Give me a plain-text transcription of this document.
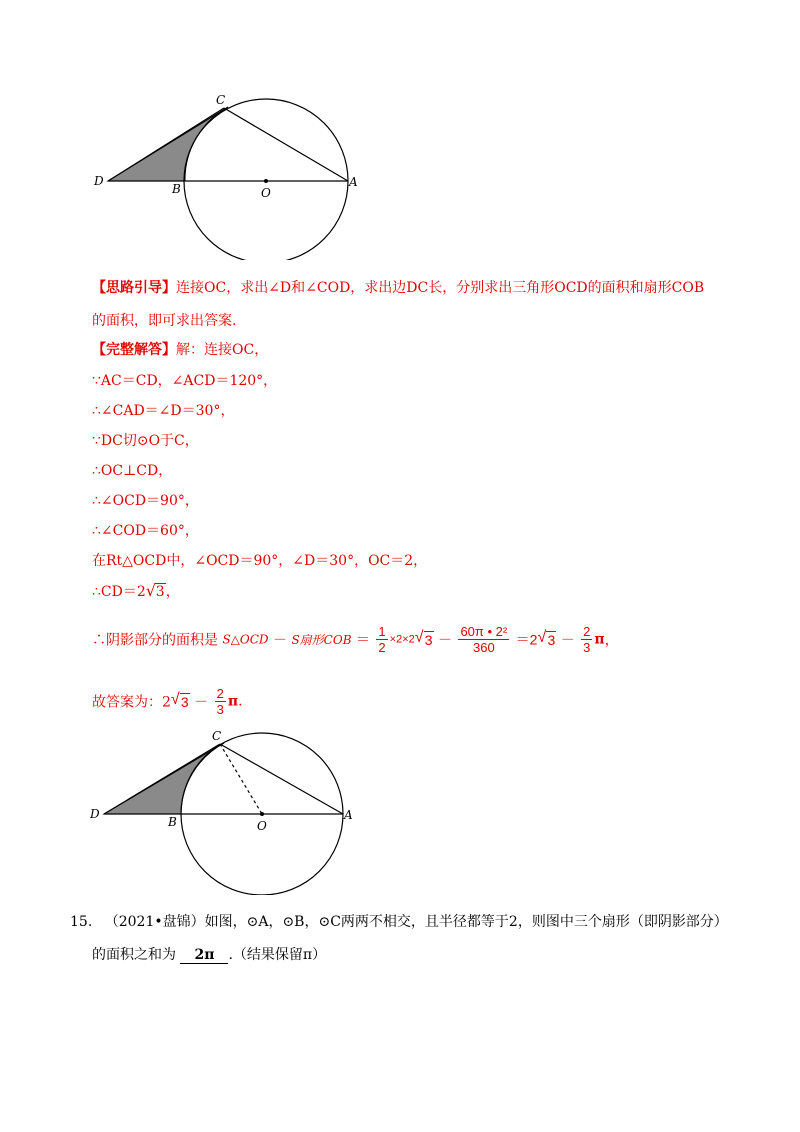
C
D
B	O
A
【思路引导】连接OC，求出∠D和∠COD，求出边DC长，分别求出三角形OCD的面积和扇形COB
的面积，即可求出答案.
【完整解答】解：连接OC，
∵AC＝CD，∠ACD＝120°，
∴∠CAD＝∠D＝30°，
∵DC切⊙O于C，
∴OC⊥CD，
∴∠OCD＝90°，
∴∠COD＝60°，
在Rt△OCD中，∠OCD＝90°，∠D＝30°，OC＝2，
∴CD＝2 √ 3，
∴阴影部分的面积是 S△OCD － S扇形COB ＝ $\frac{1}{2} \times 2\times 2$ √ $3 - \frac{\text{60π • 2²}}{360} =2$ √ $3 - \frac{2}{3}$ π，
故答案为：2 √ $3 - \frac{2}{3} \pi$.
C
D
B	O
A
15. （2021•盘锦）如图，⊙A，⊙B，⊙C两两不相交，且半径都等于2，则图中三个扇形（即阴影部分）
的面积之和为 2π .（结果保留π）
